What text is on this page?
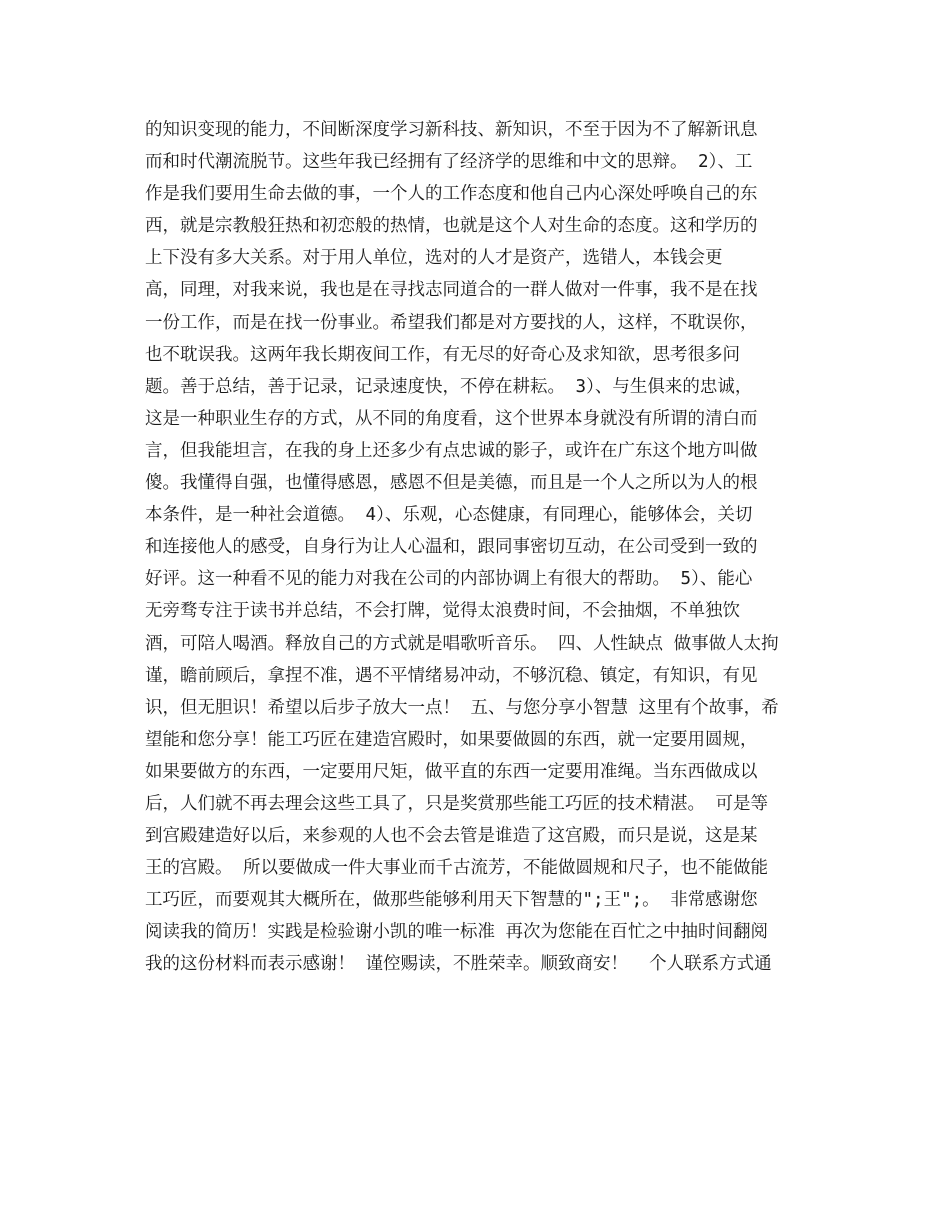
的知识变现的能力，不间断深度学习新科技、新知识，不至于因为不了解新讯息
而和时代潮流脱节。这些年我已经拥有了经济学的思维和中文的思辩。 2）、工
作是我们要用生命去做的事，一个人的工作态度和他自己内心深处呼唤自己的东
西，就是宗教般狂热和初恋般的热情，也就是这个人对生命的态度。这和学历的
上下没有多大关系。对于用人单位，选对的人才是资产，选错人，本钱会更
高，同理，对我来说，我也是在寻找志同道合的一群人做对一件事，我不是在找
一份工作，而是在找一份事业。希望我们都是对方要找的人，这样，不耽误你，
也不耽误我。这两年我长期夜间工作，有无尽的好奇心及求知欲，思考很多问
题。善于总结，善于记录，记录速度快，不停在耕耘。 3）、与生俱来的忠诚，
这是一种职业生存的方式，从不同的角度看，这个世界本身就没有所谓的清白而
言，但我能坦言，在我的身上还多少有点忠诚的影子，或许在广东这个地方叫做
傻。我懂得自强，也懂得感恩，感恩不但是美德，而且是一个人之所以为人的根
本条件，是一种社会道德。 4）、乐观，心态健康，有同理心，能够体会，关切
和连接他人的感受，自身行为让人心温和，跟同事密切互动，在公司受到一致的
好评。这一种看不见的能力对我在公司的内部协调上有很大的帮助。 5）、能心
无旁骛专注于读书并总结，不会打牌，觉得太浪费时间，不会抽烟，不单独饮
酒，可陪人喝酒。释放自己的方式就是唱歌听音乐。 四、人性缺点 做事做人太拘
谨，瞻前顾后，拿捏不准，遇不平情绪易冲动，不够沉稳、镇定，有知识，有见
识，但无胆识！希望以后步子放大一点！ 五、与您分享小智慧 这里有个故事，希
望能和您分享！能工巧匠在建造宫殿时，如果要做圆的东西，就一定要用圆规，
如果要做方的东西，一定要用尺矩，做平直的东西一定要用准绳。当东西做成以
后，人们就不再去理会这些工具了，只是奖赏那些能工巧匠的技术精湛。 可是等
到宫殿建造好以后，来参观的人也不会去管是谁造了这宫殿，而只是说，这是某
王的宫殿。 所以要做成一件大事业而千古流芳，不能做圆规和尺子，也不能做能
工巧匠，而要观其大概所在，做那些能够利用天下智慧的";王";。 非常感谢您
阅读我的简历！实践是检验谢小凯的唯一标准 再次为您能在百忙之中抽时间翻阅
我的这份材料而表示感谢！ 谨倥赐读，不胜荣幸。顺致商安！  个人联系方式通
